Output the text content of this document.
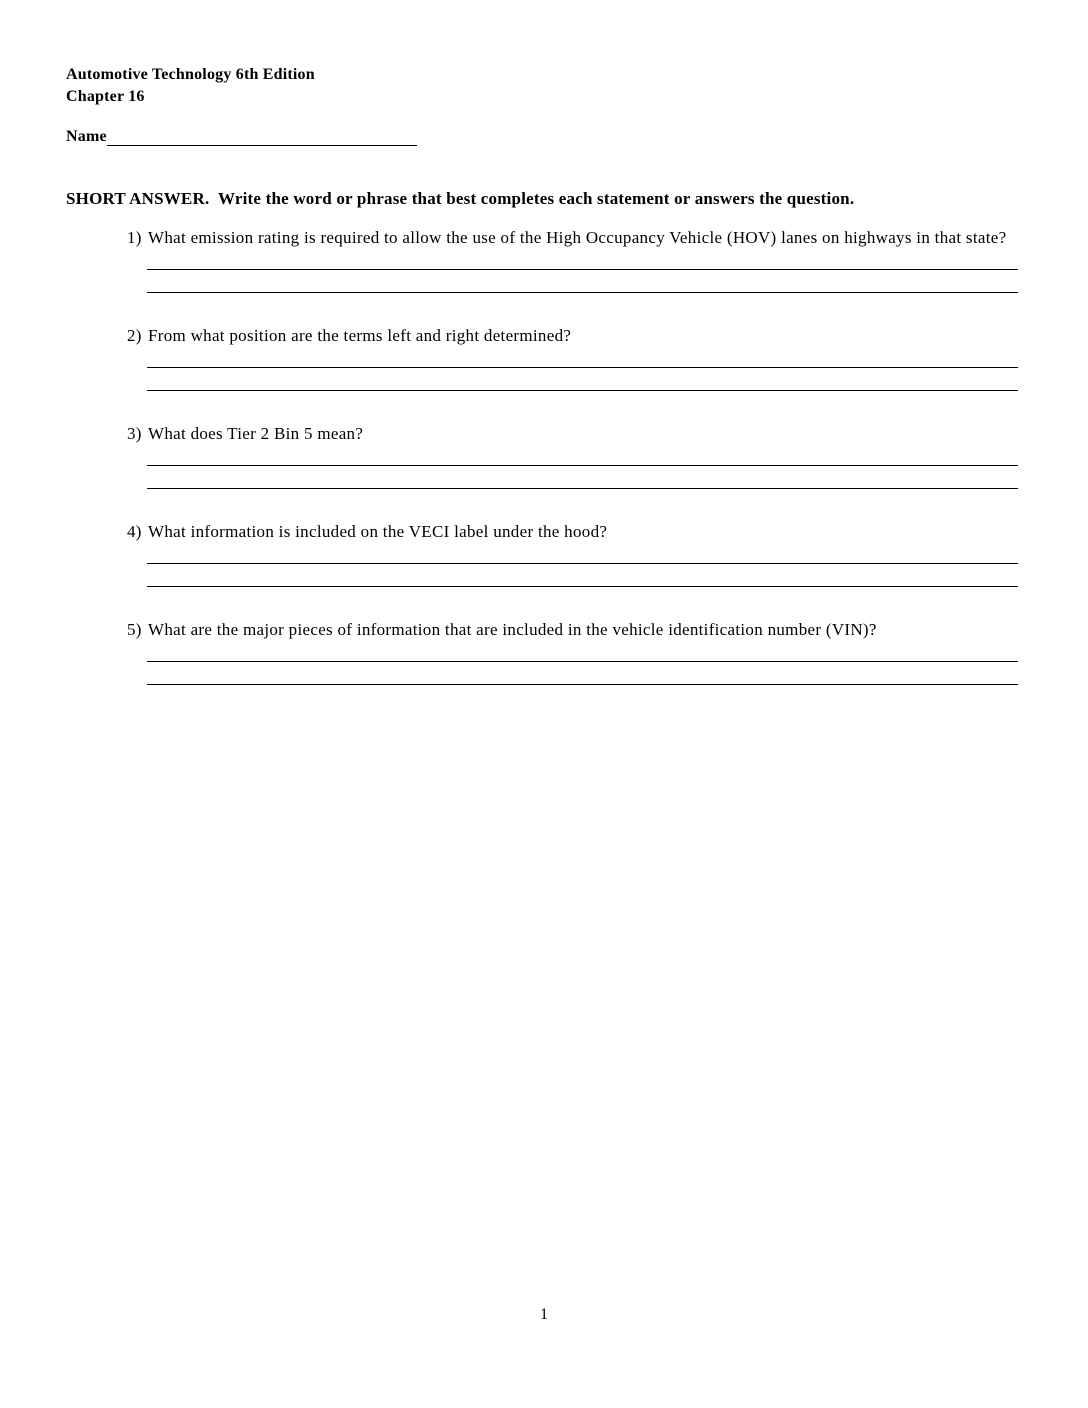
Automotive Technology 6th Edition
Chapter 16
Name
SHORT ANSWER.  Write the word or phrase that best completes each statement or answers the question.
1) What emission rating is required to allow the use of the High Occupancy Vehicle (HOV) lanes on highways in that state?
2) From what position are the terms left and right determined?
3) What does Tier 2 Bin 5 mean?
4) What information is included on the VECI label under the hood?
5) What are the major pieces of information that are included in the vehicle identification number (VIN)?
1
